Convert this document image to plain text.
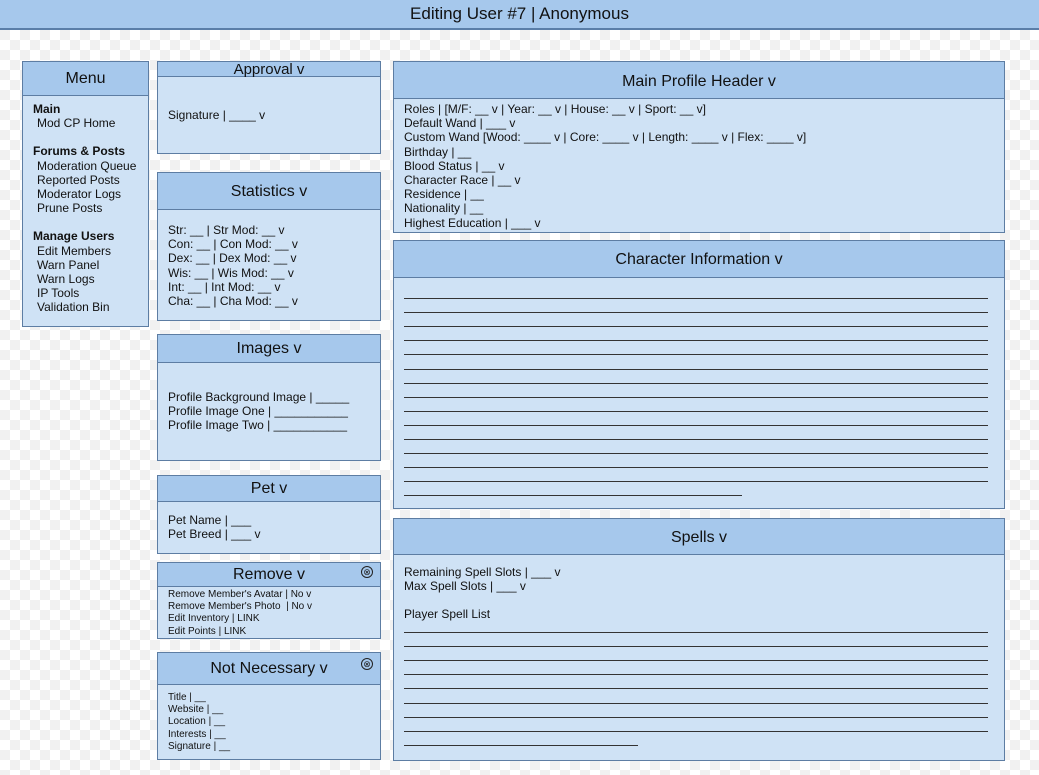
Editing User #7 | Anonymous
Menu
Main
Mod CP Home
Forums & Posts
Moderation Queue
Reported Posts
Moderator Logs
Prune Posts
Manage Users
Edit Members
Warn Panel
Warn Logs
IP Tools
Validation Bin
Approval v
Signature | ____ v
Statistics v
Str: __ | Str Mod: __ v
Con: __ | Con Mod: __ v
Dex: __ | Dex Mod: __ v
Wis: __ | Wis Mod: __ v
Int: __ | Int Mod: __ v
Cha: __ | Cha Mod: __ v
Images v
Profile Background Image | _____
Profile Image One | ___________
Profile Image Two | ___________
Pet v
Pet Name | ___
Pet Breed | ___ v
Remove v	⊗
Remove Member's Avatar | No v
Remove Member's Photo  | No v
Edit Inventory | LINK
Edit Points | LINK
Not Necessary v	⊗
Title | __
Website | __
Location | __
Interests | __
Signature | __
Main Profile Header v
Roles | [M/F: __ v | Year: __ v | House: __ v | Sport: __ v]
Default Wand | ___ v
Custom Wand [Wood: ____ v | Core: ____ v | Length: ____ v | Flex: ____ v]
Birthday | __
Blood Status | __ v
Character Race | __ v
Residence | __
Nationality | __
Highest Education | ___ v
Character Information v
Spells v
Remaining Spell Slots | ___ v
Max Spell Slots | ___ v
Player Spell List
